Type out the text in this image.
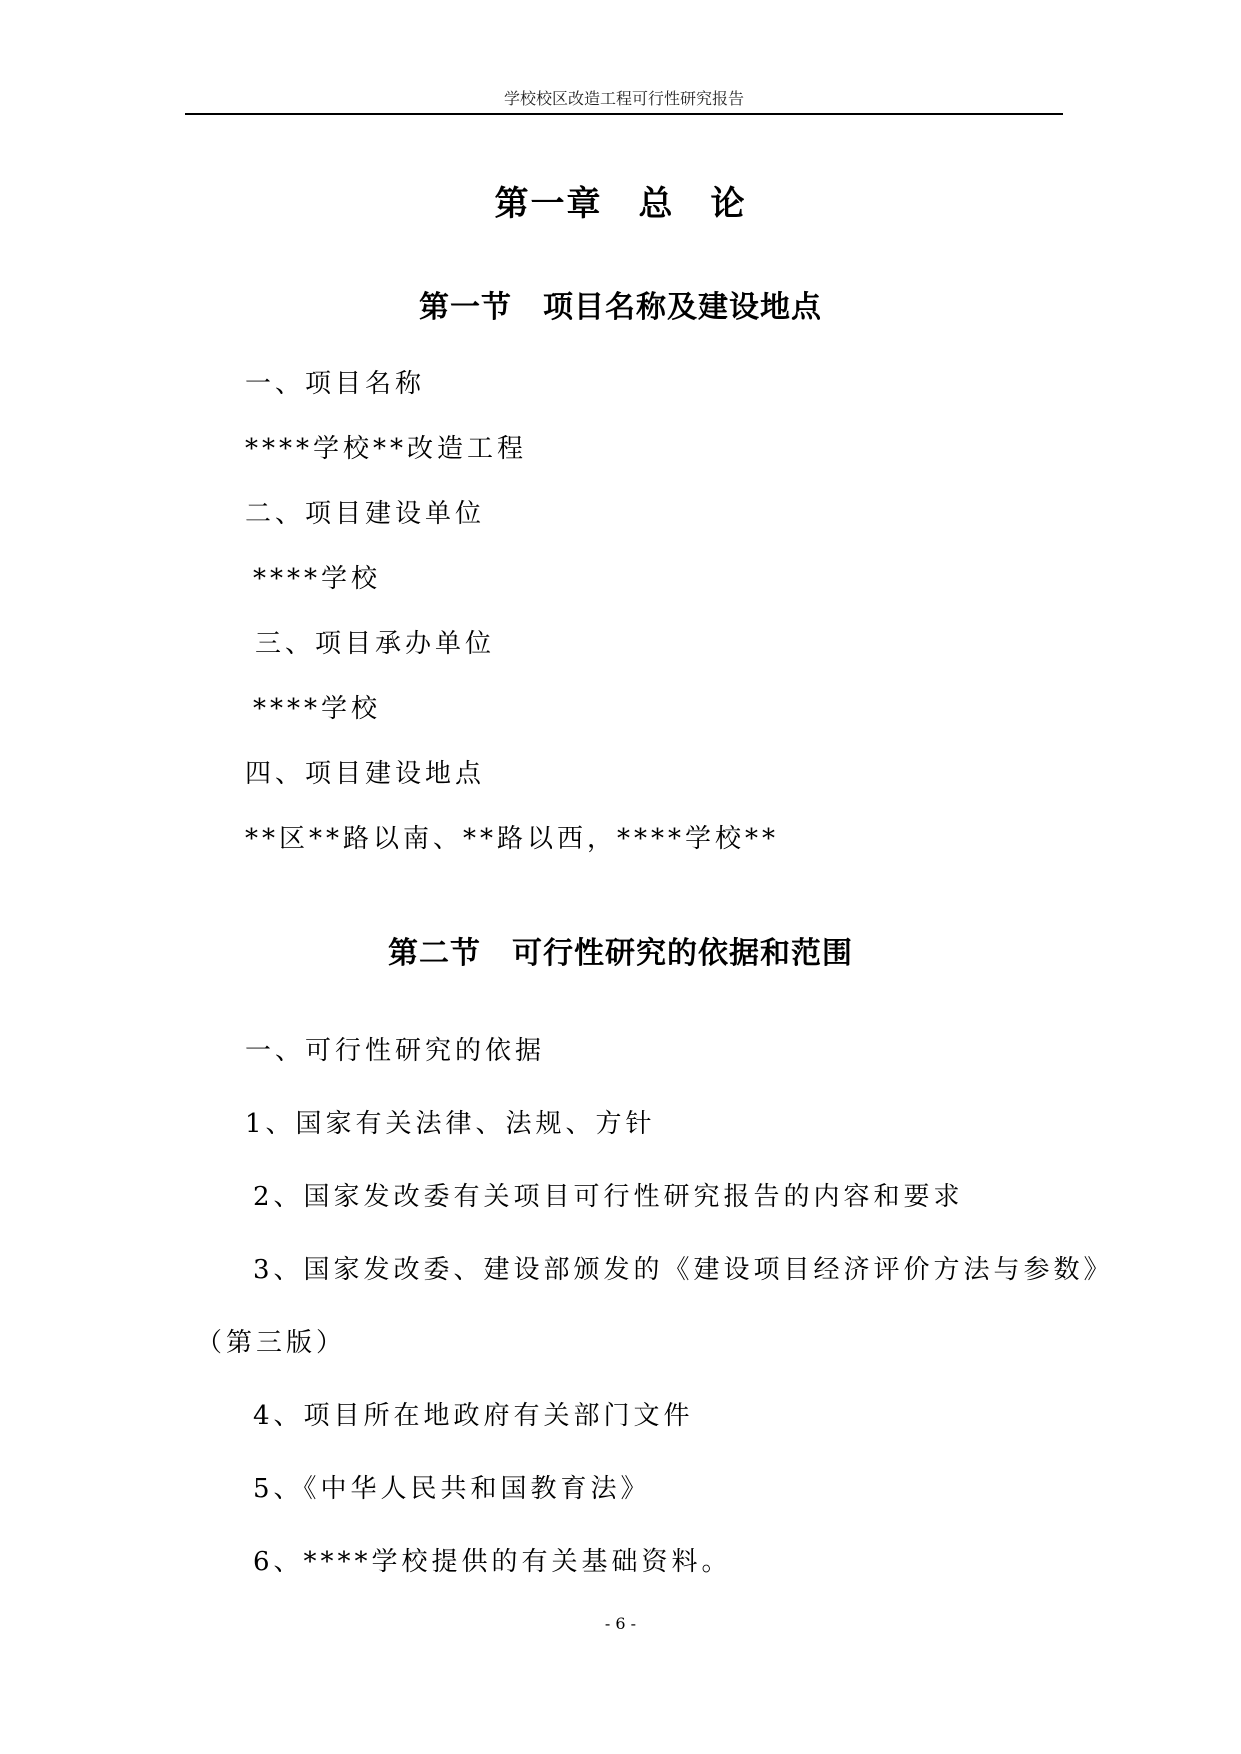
学校校区改造工程可行性研究报告
第一章　总　论
第一节　项目名称及建设地点
一、项目名称
****学校**改造工程
二、项目建设单位
****学校
三、项目承办单位
****学校
四、项目建设地点
**区**路以南、**路以西，****学校**
第二节　可行性研究的依据和范围
一、可行性研究的依据
1、国家有关法律、法规、方针
2、国家发改委有关项目可行性研究报告的内容和要求
3、国家发改委、建设部颁发的《建设项目经济评价方法与参数》
（第三版）
4、项目所在地政府有关部门文件
5、《中华人民共和国教育法》
6、****学校提供的有关基础资料。
- 6 -
